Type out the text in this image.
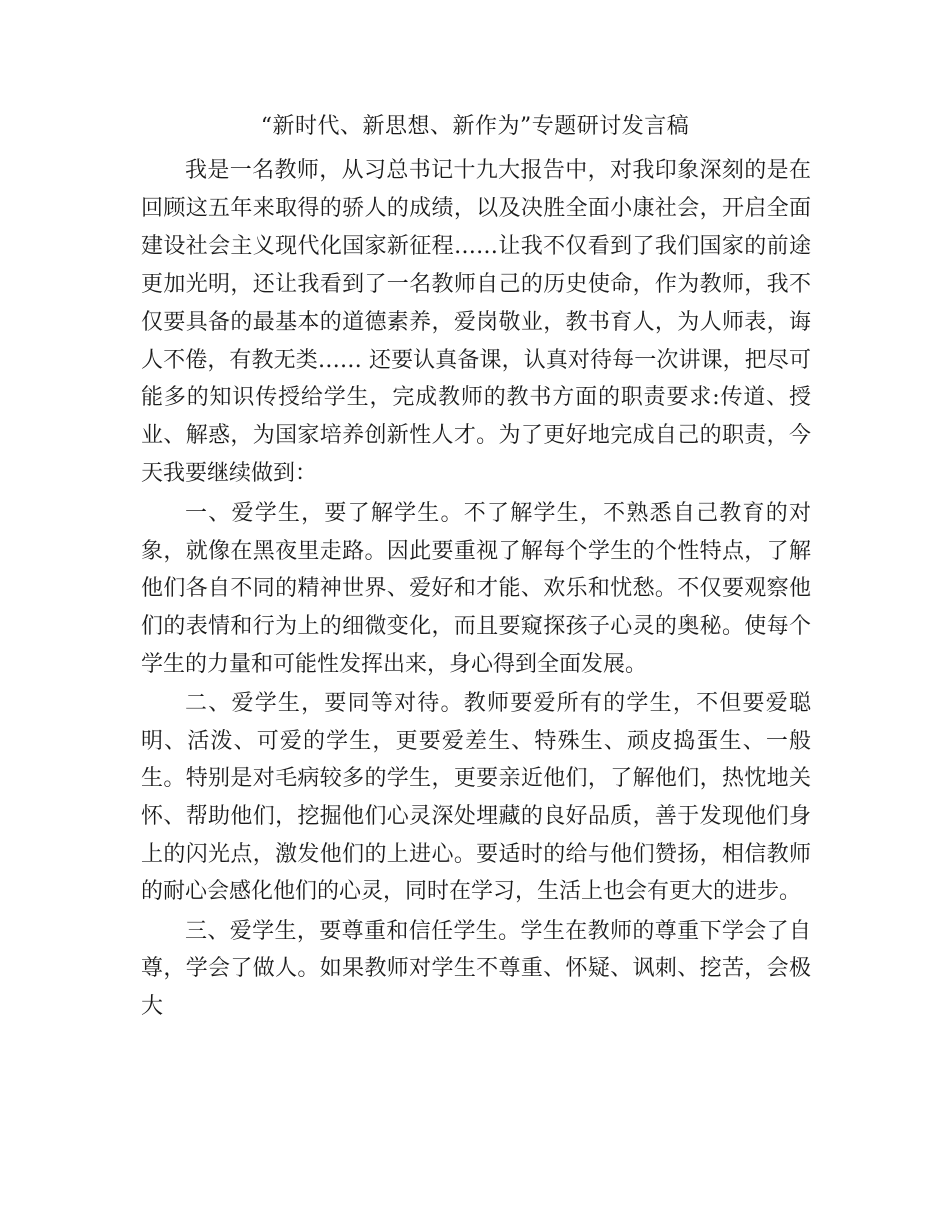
“新时代、新思想、新作为”专题研讨发言稿

我是一名教师，从习总书记十九大报告中，对我印象深刻的是在回顾这五年来取得的骄人的成绩，以及决胜全面小康社会，开启全面建设社会主义现代化国家新征程……让我不仅看到了我们国家的前途更加光明，还让我看到了一名教师自己的历史使命，作为教师，我不仅要具备的最基本的道德素养，爱岗敬业，教书育人，为人师表，诲人不倦，有教无类…… 还要认真备课，认真对待每一次讲课，把尽可能多的知识传授给学生，完成教师的教书方面的职责要求:传道、授业、解惑，为国家培养创新性人才。为了更好地完成自己的职责，今天我要继续做到：

一、爱学生，要了解学生。不了解学生，不熟悉自己教育的对象，就像在黑夜里走路。因此要重视了解每个学生的个性特点，了解他们各自不同的精神世界、爱好和才能、欢乐和忧愁。不仅要观察他们的表情和行为上的细微变化，而且要窥探孩子心灵的奥秘。使每个学生的力量和可能性发挥出来，身心得到全面发展。

二、爱学生，要同等对待。教师要爱所有的学生，不但要爱聪明、活泼、可爱的学生，更要爱差生、特殊生、顽皮捣蛋生、一般生。特别是对毛病较多的学生，更要亲近他们，了解他们，热忱地关怀、帮助他们，挖掘他们心灵深处埋藏的良好品质，善于发现他们身上的闪光点，激发他们的上进心。要适时的给与他们赞扬，相信教师的耐心会感化他们的心灵，同时在学习，生活上也会有更大的进步。

三、爱学生，要尊重和信任学生。学生在教师的尊重下学会了自尊，学会了做人。如果教师对学生不尊重、怀疑、讽刺、挖苦，会极大
